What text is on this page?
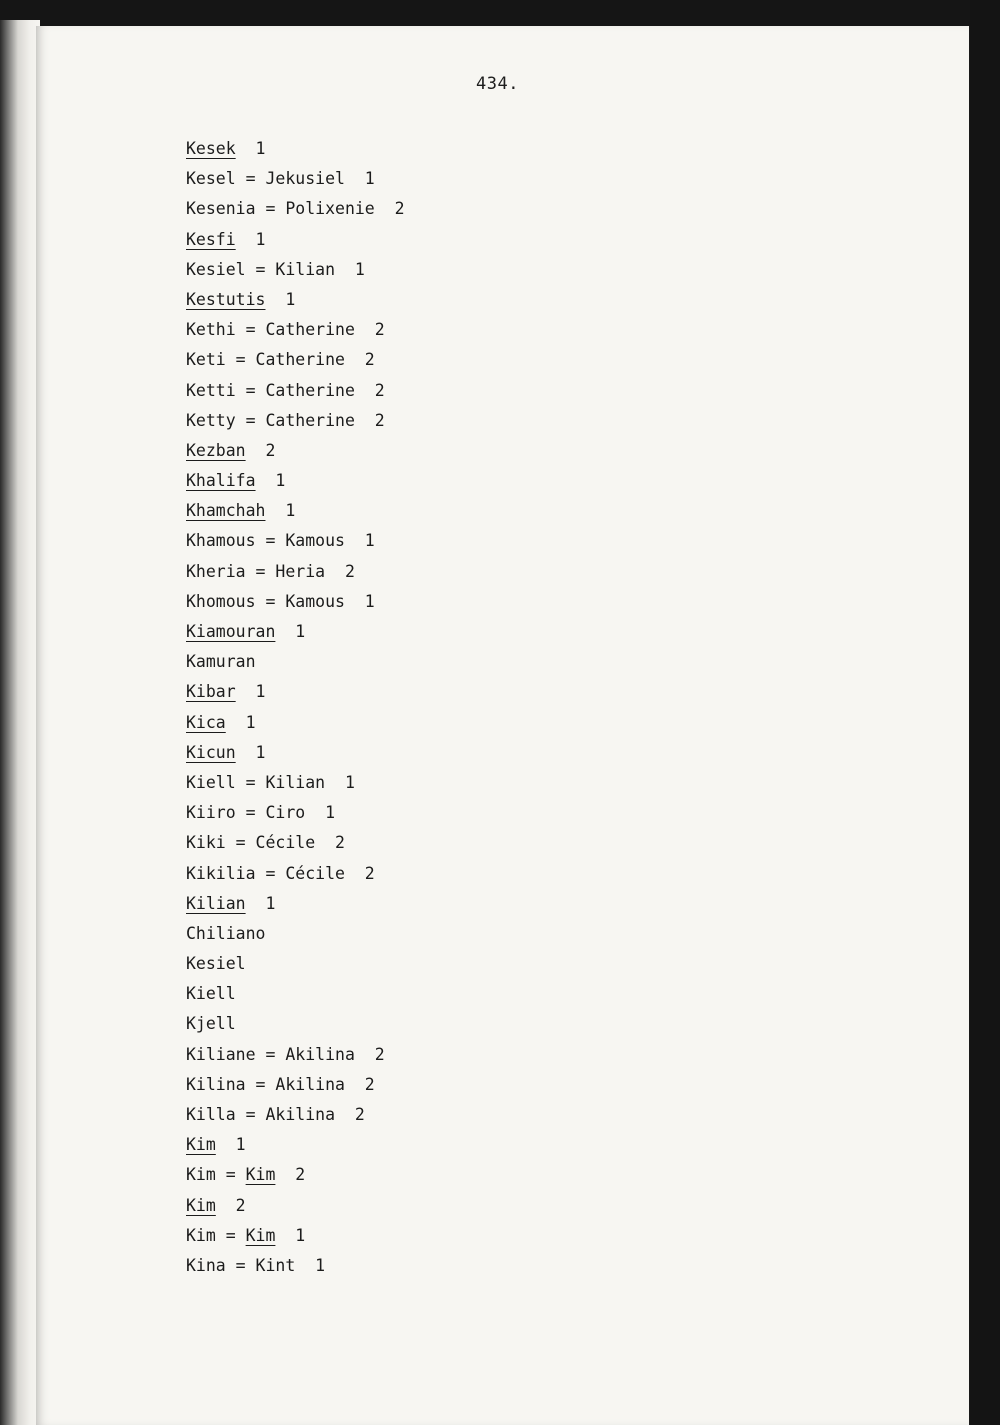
434.
Kesek  1
Kesel = Jekusiel  1
Kesenia = Polixenie  2
Kesfi  1
Kesiel = Kilian  1
Kestutis  1
Kethi = Catherine  2
Keti = Catherine  2
Ketti = Catherine  2
Ketty = Catherine  2
Kezban  2
Khalifa  1
Khamchah  1
Khamous = Kamous  1
Kheria = Heria  2
Khomous = Kamous  1
Kiamouran  1
Kamuran
Kibar  1
Kica  1
Kicun  1
Kiell = Kilian  1
Kiiro = Ciro  1
Kiki = Cécile  2
Kikilia = Cécile  2
Kilian  1
Chiliano
Kesiel
Kiell
Kjell
Kiliane = Akilina  2
Kilina = Akilina  2
Killa = Akilina  2
Kim  1
Kim = Kim  2
Kim  2
Kim = Kim  1
Kina = Kint  1
